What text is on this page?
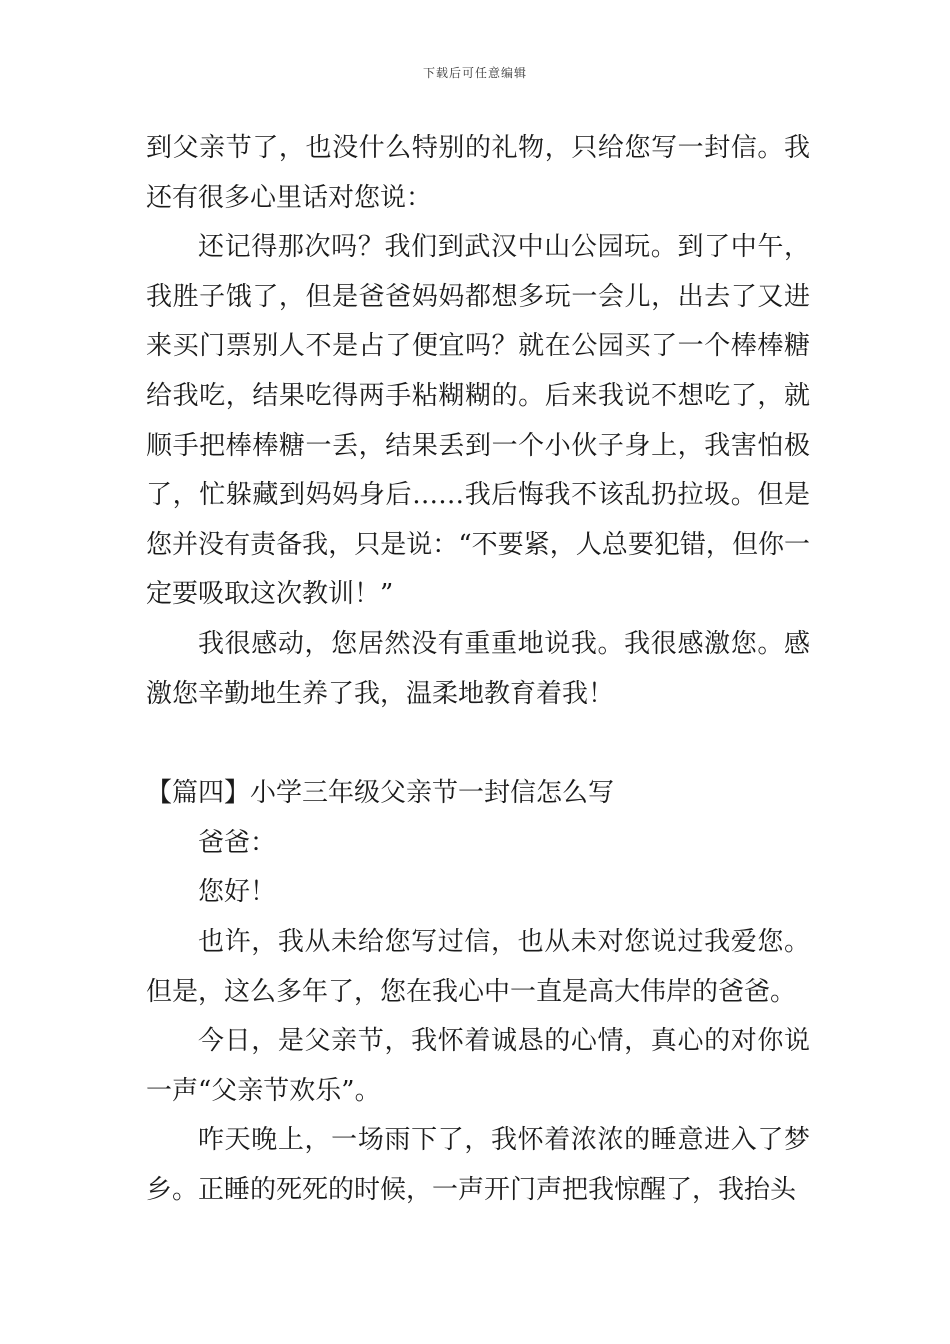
下载后可任意编辑

到父亲节了，也没什么特别的礼物，只给您写一封信。我还有很多心里话对您说：

还记得那次吗？我们到武汉中山公园玩。到了中午，我胜子饿了，但是爸爸妈妈都想多玩一会儿，出去了又进来买门票别人不是占了便宜吗？就在公园买了一个棒棒糖给我吃，结果吃得两手粘糊糊的。后来我说不想吃了，就顺手把棒棒糖一丢，结果丢到一个小伙子身上，我害怕极了，忙躲藏到妈妈身后……我后悔我不该乱扔拉圾。但是您并没有责备我，只是说：“不要紧，人总要犯错，但你一定要吸取这次教训！”

我很感动，您居然没有重重地说我。我很感激您。感激您辛勤地生养了我，温柔地教育着我！

【篇四】小学三年级父亲节一封信怎么写

爸爸：

您好！

也许，我从未给您写过信，也从未对您说过我爱您。但是，这么多年了，您在我心中一直是高大伟岸的爸爸。

今日，是父亲节，我怀着诚恳的心情，真心的对你说一声“父亲节欢乐”。

咋天晚上，一场雨下了，我怀着浓浓的睡意进入了梦乡。正睡的死死的时候，一声开门声把我惊醒了，我抬头
